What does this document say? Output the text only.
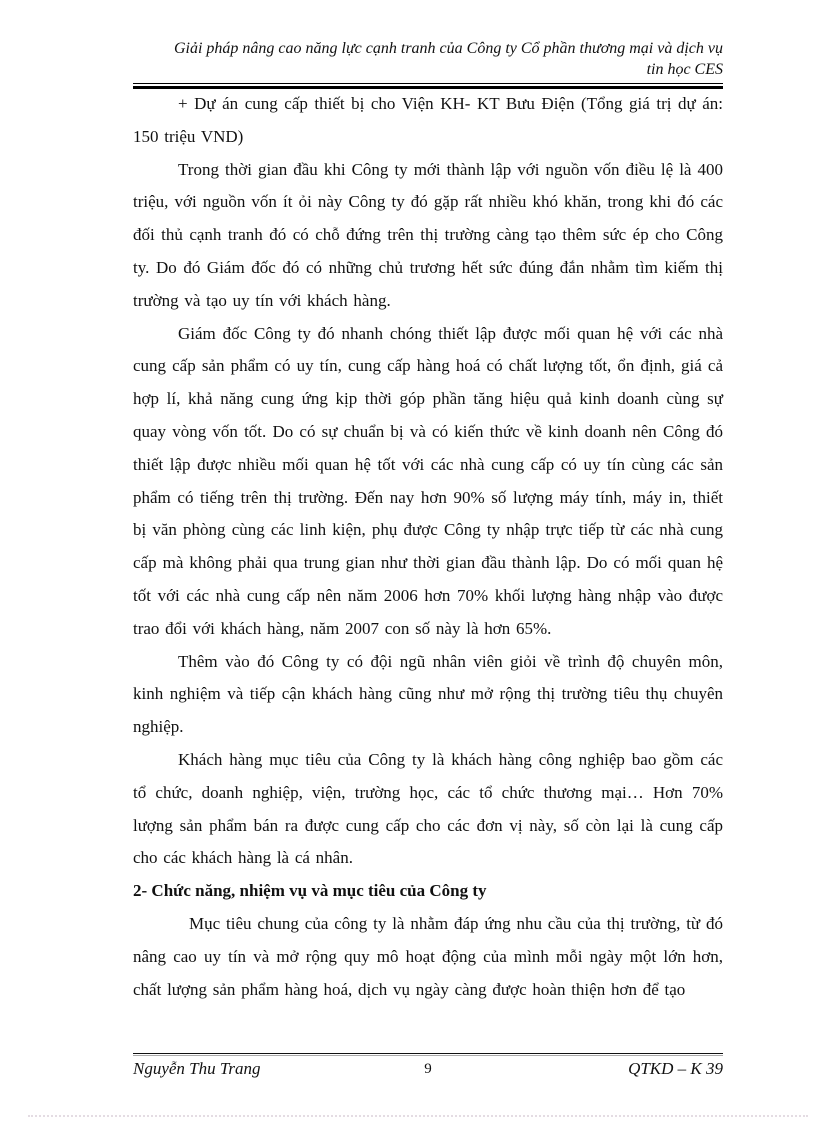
Giải pháp nâng cao năng lực cạnh tranh của Công ty Cổ phần thương mại và dịch vụ
tin học CES

+ Dự án cung cấp thiết bị cho Viện KH- KT Bưu Điện (Tổng giá trị dự án: 150 triệu VND)

Trong thời gian đầu khi Công ty mới thành lập với nguồn vốn điều lệ là 400 triệu, với nguồn vốn ít ỏi này Công ty đó gặp rất nhiều khó khăn, trong khi đó các đối thủ cạnh tranh đó có chỗ đứng trên thị trường càng tạo thêm sức ép cho Công ty. Do đó Giám đốc đó có những chủ trương hết sức đúng đắn nhằm tìm kiếm thị trường và tạo uy tín với khách hàng.

Giám đốc Công ty đó nhanh chóng thiết lập được mối quan hệ với các nhà cung cấp sản phẩm có uy tín, cung cấp hàng hoá có chất lượng tốt, ổn định, giá cả hợp lí, khả năng cung ứng kịp thời góp phần tăng hiệu quả kinh doanh cùng sự quay vòng vốn tốt. Do có sự chuẩn bị và có kiến thức về kinh doanh nên Công đó thiết lập được nhiều mối quan hệ tốt với các nhà cung cấp có uy tín cùng các sản phẩm có tiếng trên thị trường. Đến nay hơn 90% số lượng máy tính, máy in, thiết bị văn phòng cùng các linh kiện, phụ được Công ty nhập trực tiếp từ các nhà cung cấp mà không phải qua trung gian như thời gian đầu thành lập. Do có mối quan hệ tốt với các nhà cung cấp nên năm 2006 hơn 70% khối lượng hàng nhập vào được trao đổi với khách hàng, năm 2007 con số này là hơn 65%.

Thêm vào đó Công ty có đội ngũ nhân viên giỏi về trình độ chuyên môn, kinh nghiệm và tiếp cận khách hàng cũng như mở rộng thị trường tiêu thụ chuyên nghiệp.

Khách hàng mục tiêu của Công ty là khách hàng công nghiệp bao gồm các tổ chức, doanh nghiệp, viện, trường học, các tổ chức thương mại… Hơn 70% lượng sản phẩm bán ra được cung cấp cho các đơn vị này, số còn lại là cung cấp cho các khách hàng là cá nhân.

2- Chức năng, nhiệm vụ và mục tiêu của Công ty

Mục tiêu chung của công ty là nhằm đáp ứng nhu cầu của thị trường, từ đó nâng cao uy tín và mở rộng quy mô hoạt động của mình mỗi ngày một lớn hơn, chất lượng sản phẩm hàng hoá, dịch vụ ngày càng được hoàn thiện hơn để tạo

Nguyễn Thu Trang	9	QTKD – K 39
